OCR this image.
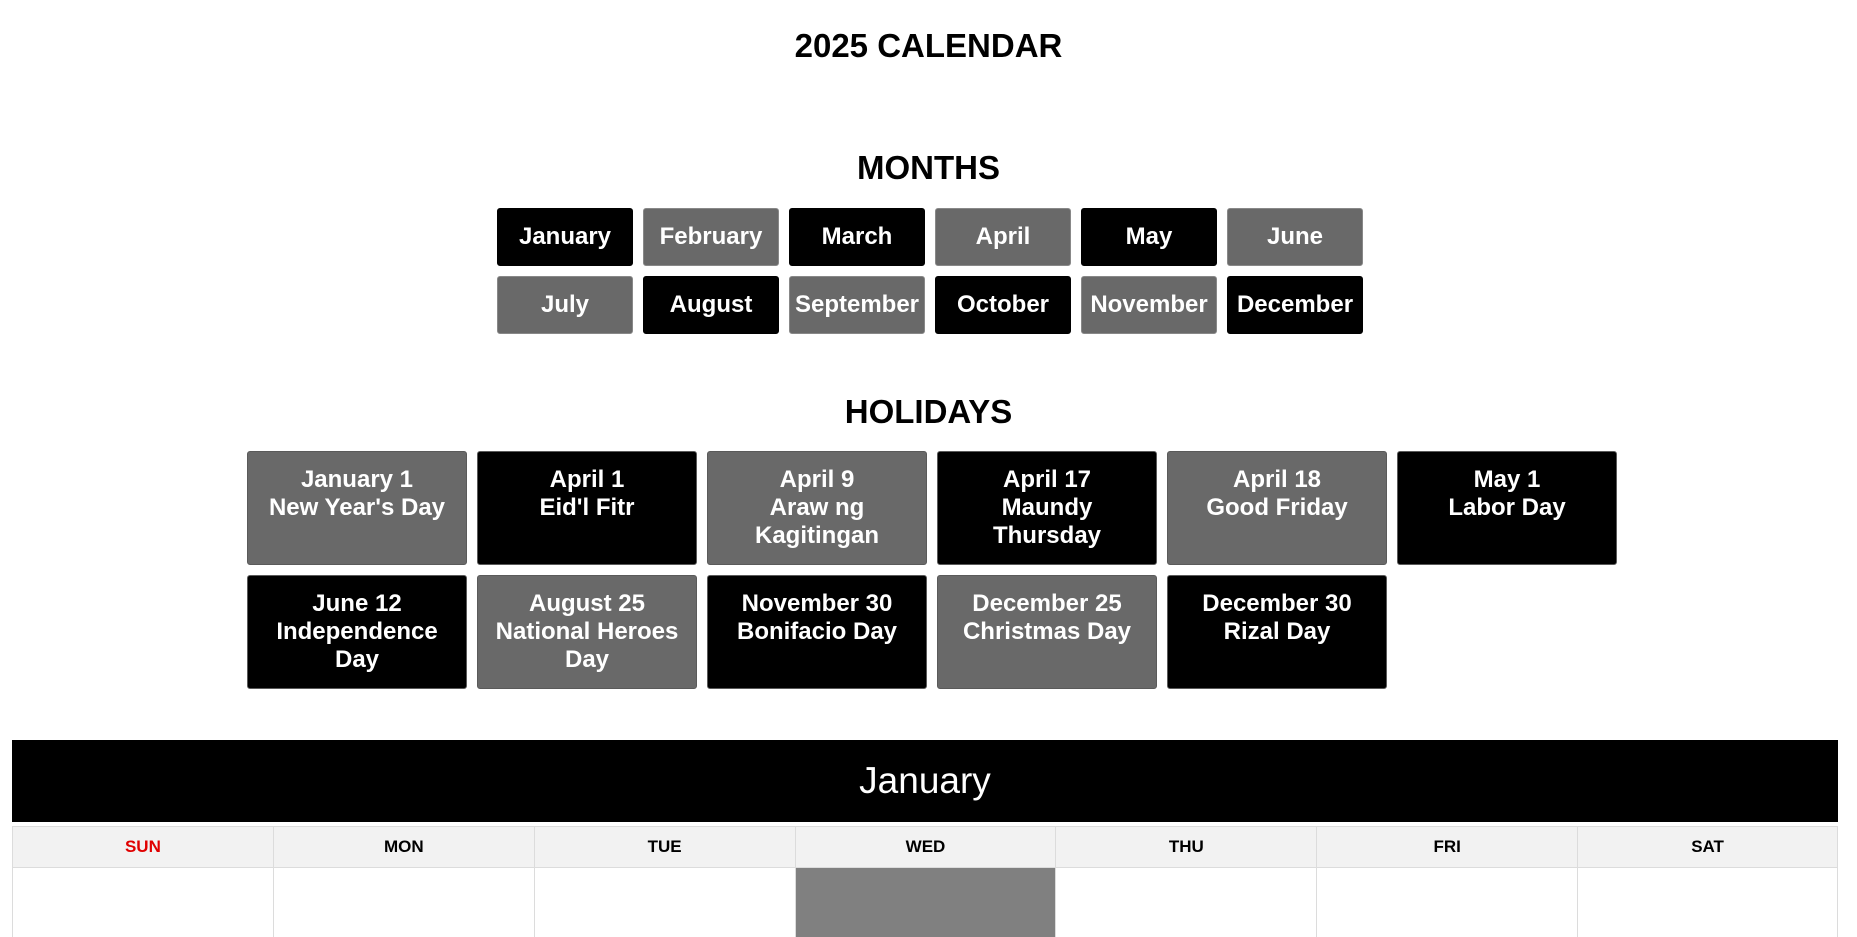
2025 CALENDAR
MONTHS
January	February	March	April	May	June
July	August	September	October	November	December
HOLIDAYS
January 1
New Year's Day
April 1
Eid'l Fitr
April 9
Araw ng
Kagitingan
April 17
Maundy
Thursday
April 18
Good Friday
May 1
Labor Day
June 12
Independence
Day
August 25
National Heroes
Day
November 30
Bonifacio Day
December 25
Christmas Day
December 30
Rizal Day
January
SUN	MON	TUE	WED	THU	FRI	SAT
